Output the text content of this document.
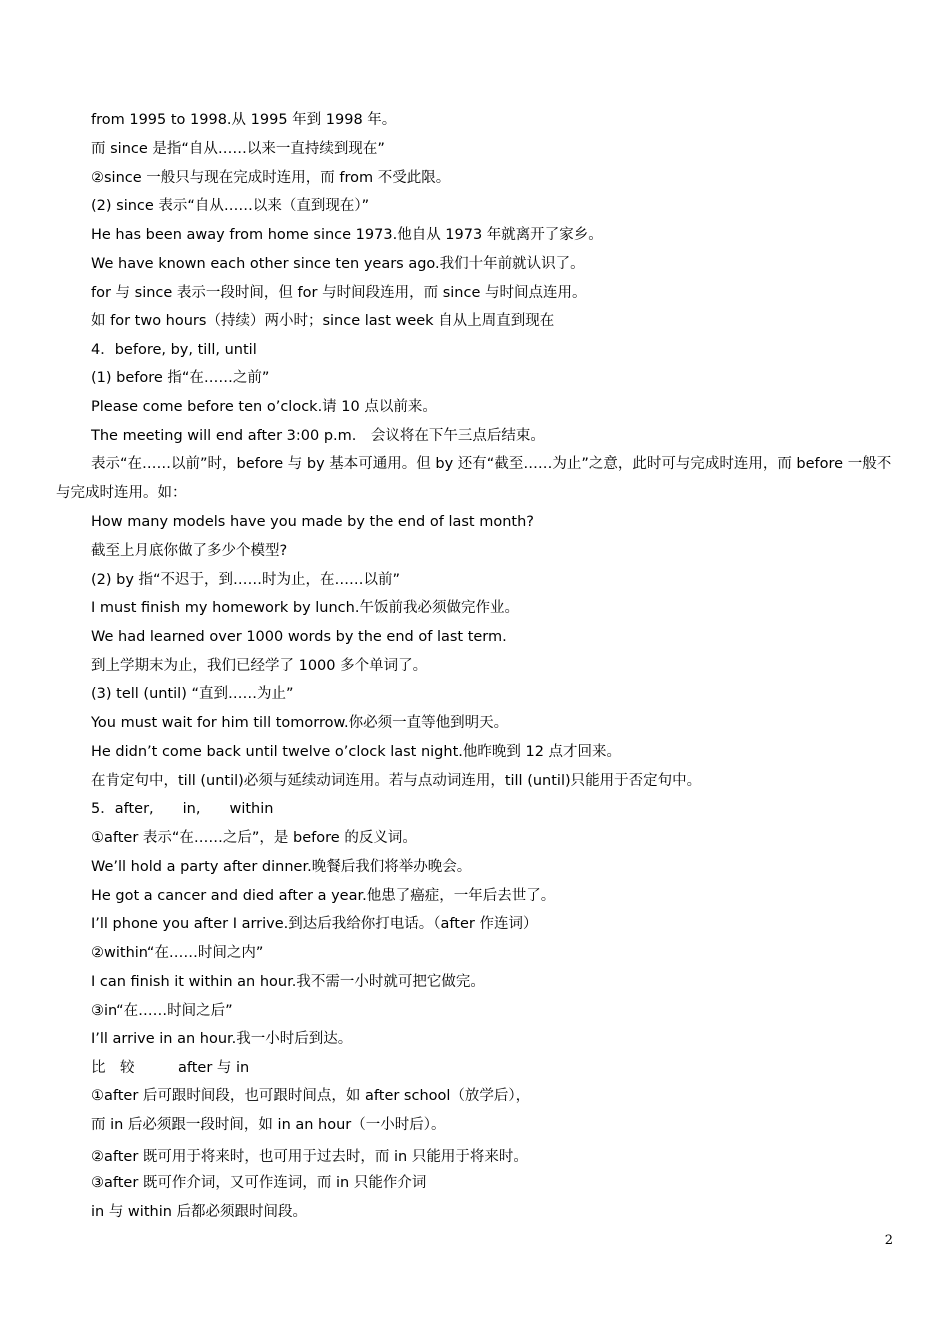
from 1995 to 1998.从 1995 年到 1998 年。
而 since 是指“自从……以来一直持续到现在”
②since 一般只与现在完成时连用，而 from 不受此限。
(2) since 表示“自从……以来（直到现在）”
He has been away from home since 1973.他自从 1973 年就离开了家乡。
We have known each other since ten years ago.我们十年前就认识了。
for 与 since 表示一段时间，但 for 与时间段连用，而 since 与时间点连用。
如 for two hours（持续）两小时；since last week 自从上周直到现在
4．before, by, till, until
(1) before 指“在……之前”
Please come before ten o’clock.请 10 点以前来。
The meeting will end after 3:00 p.m.　会议将在下午三点后结束。
表示“在……以前”时，before 与 by 基本可通用。但 by 还有“截至……为止”之意，此时可与完成时连用，而 before 一般不与完成时连用。如：
How many models have you made by the end of last month?
截至上月底你做了多少个模型?
(2) by 指“不迟于，到……时为止，在……以前”
I must finish my homework by lunch.午饭前我必须做完作业。
We had learned over 1000 words by the end of last term.
到上学期末为止，我们已经学了 1000 多个单词了。
(3) tell (until) “直到……为止”
You must wait for him till tomorrow.你必须一直等他到明天。
He didn’t come back until twelve o’clock last night.他昨晚到 12 点才回来。
在肯定句中，till (until)必须与延续动词连用。若与点动词连用，till (until)只能用于否定句中。
5．after,　　in,　　within
①after 表示“在……之后”，是 before 的反义词。
We’ll hold a party after dinner.晚餐后我们将举办晚会。
He got a cancer and died after a year.他患了癌症，一年后去世了。
I’ll phone you after I arrive.到达后我给你打电话。（after 作连词）
②within“在……时间之内”
I can finish it within an hour.我不需一小时就可把它做完。
③in“在……时间之后”
I’ll arrive in an hour.我一小时后到达。
比　较　　　after 与 in
①after 后可跟时间段，也可跟时间点，如 after school（放学后），
而 in 后必须跟一段时间，如 in an hour（一小时后）。
②after 既可用于将来时，也可用于过去时，而 in 只能用于将来时。
③after 既可作介词，又可作连词，而 in 只能作介词
in 与 within 后都必须跟时间段。
2
